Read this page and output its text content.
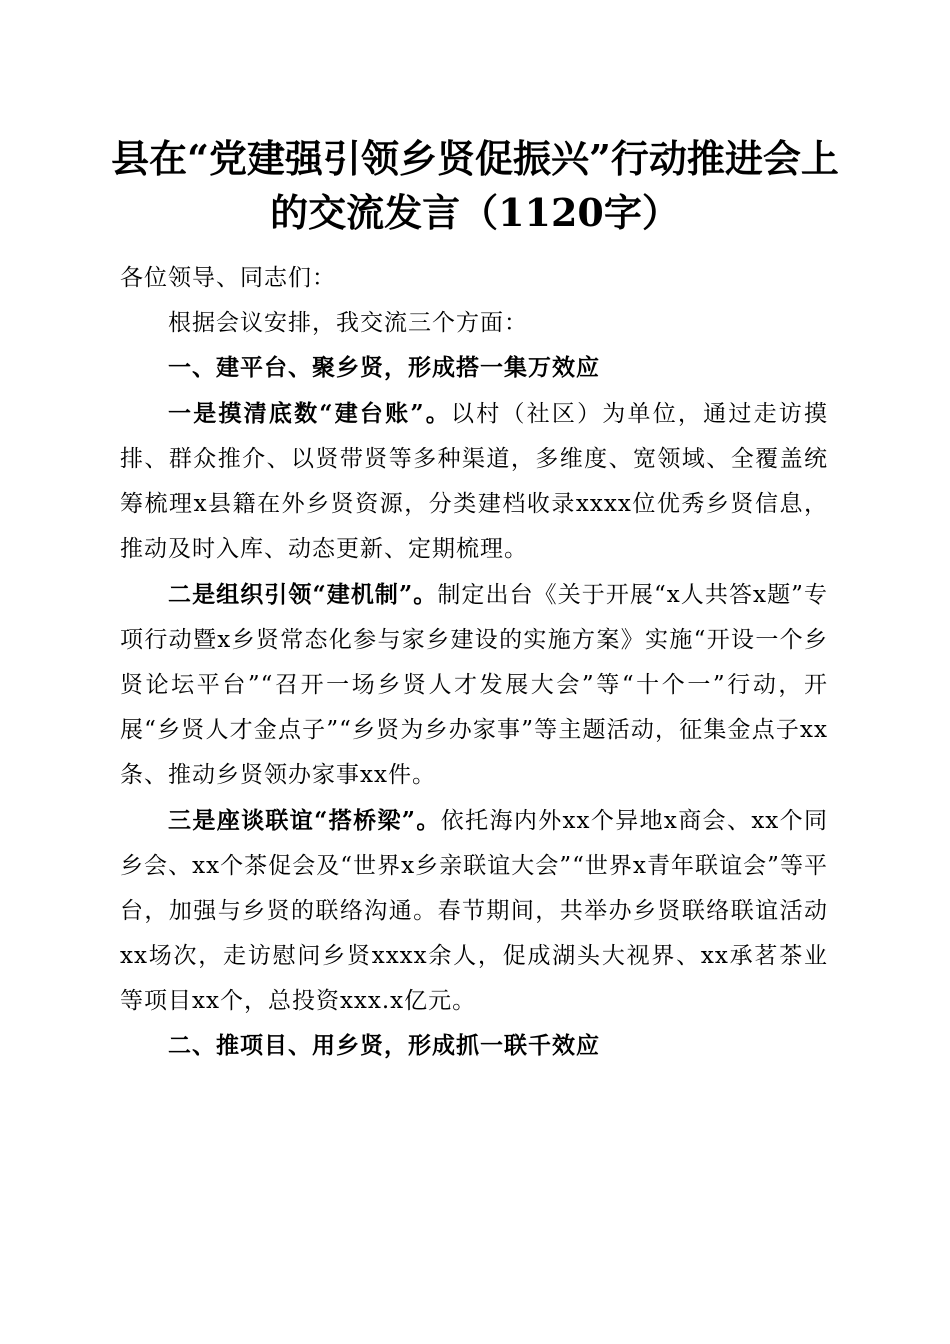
县在“党建强引领乡贤促振兴”行动推进会上的交流发言（1120字）

各位领导、同志们：

根据会议安排，我交流三个方面：

一、建平台、聚乡贤，形成搭一集万效应

一是摸清底数“建台账”。以村（社区）为单位，通过走访摸排、群众推介、以贤带贤等多种渠道，多维度、宽领域、全覆盖统筹梳理x县籍在外乡贤资源，分类建档收录xxxx位优秀乡贤信息，推动及时入库、动态更新、定期梳理。

二是组织引领“建机制”。制定出台《关于开展“x人共答x题”专项行动暨x乡贤常态化参与家乡建设的实施方案》实施“开设一个乡贤论坛平台”“召开一场乡贤人才发展大会”等“十个一”行动，开展“乡贤人才金点子”“乡贤为乡办家事”等主题活动，征集金点子xx条、推动乡贤领办家事xx件。

三是座谈联谊“搭桥梁”。依托海内外xx个异地x商会、xx个同乡会、xx个茶促会及“世界x乡亲联谊大会”“世界x青年联谊会”等平台，加强与乡贤的联络沟通。春节期间，共举办乡贤联络联谊活动xx场次，走访慰问乡贤xxxx余人，促成湖头大视界、xx承茗茶业等项目xx个，总投资xxx.x亿元。

二、推项目、用乡贤，形成抓一联千效应
